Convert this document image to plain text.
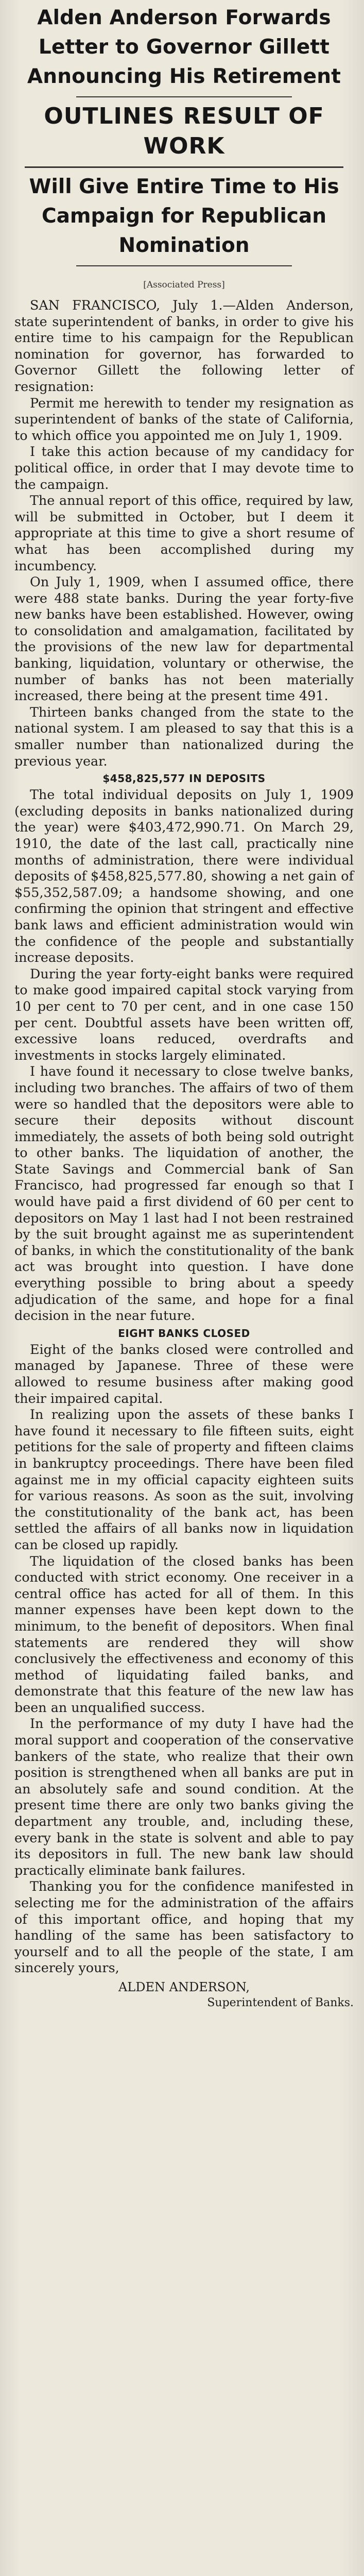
Alden Anderson Forwards Letter to Governor Gillett Announcing His Retirement
OUTLINES RESULT OF WORK
Will Give Entire Time to His Campaign for Republican Nomination
[Associated Press]

SAN FRANCISCO, July 1.—Alden Anderson, state superintendent of banks, in order to give his entire time to his campaign for the Republican nomination for governor, has forwarded to Governor Gillett the following letter of resignation:

Permit me herewith to tender my resignation as superintendent of banks of the state of California, to which office you appointed me on July 1, 1909.

I take this action because of my candidacy for political office, in order that I may devote time to the campaign.

The annual report of this office, required by law, will be submitted in October, but I deem it appropriate at this time to give a short resume of what has been accomplished during my incumbency.

On July 1, 1909, when I assumed office, there were 488 state banks. During the year forty-five new banks have been established. However, owing to consolidation and amalgamation, facilitated by the provisions of the new law for departmental banking, liquidation, voluntary or otherwise, the number of banks has not been materially increased, there being at the present time 491.

Thirteen banks changed from the state to the national system. I am pleased to say that this is a smaller number than nationalized during the previous year.

$458,825,577 IN DEPOSITS

The total individual deposits on July 1, 1909 (excluding deposits in banks nationalized during the year) were $403,472,990.71. On March 29, 1910, the date of the last call, practically nine months of administration, there were individual deposits of $458,825,577.80, showing a net gain of $55,352,587.09; a handsome showing, and one confirming the opinion that stringent and effective bank laws and efficient administration would win the confidence of the people and substantially increase deposits.

During the year forty-eight banks were required to make good impaired capital stock varying from 10 per cent to 70 per cent, and in one case 150 per cent. Doubtful assets have been written off, excessive loans reduced, overdrafts and investments in stocks largely eliminated.

I have found it necessary to close twelve banks, including two branches. The affairs of two of them were so handled that the depositors were able to secure their deposits without discount immediately, the assets of both being sold outright to other banks. The liquidation of another, the State Savings and Commercial bank of San Francisco, had progressed far enough so that I would have paid a first dividend of 60 per cent to depositors on May 1 last had I not been restrained by the suit brought against me as superintendent of banks, in which the constitutionality of the bank act was brought into question. I have done everything possible to bring about a speedy adjudication of the same, and hope for a final decision in the near future.

EIGHT BANKS CLOSED

Eight of the banks closed were controlled and managed by Japanese. Three of these were allowed to resume business after making good their impaired capital.

In realizing upon the assets of these banks I have found it necessary to file fifteen suits, eight petitions for the sale of property and fifteen claims in bankruptcy proceedings. There have been filed against me in my official capacity eighteen suits for various reasons. As soon as the suit, involving the constitutionality of the bank act, has been settled the affairs of all banks now in liquidation can be closed up rapidly.

The liquidation of the closed banks has been conducted with strict economy. One receiver in a central office has acted for all of them. In this manner expenses have been kept down to the minimum, to the benefit of depositors. When final statements are rendered they will show conclusively the effectiveness and economy of this method of liquidating failed banks, and demonstrate that this feature of the new law has been an unqualified success.

In the performance of my duty I have had the moral support and cooperation of the conservative bankers of the state, who realize that their own position is strengthened when all banks are put in an absolutely safe and sound condition. At the present time there are only two banks giving the department any trouble, and, including these, every bank in the state is solvent and able to pay its depositors in full. The new bank law should practically eliminate bank failures.

Thanking you for the confidence manifested in selecting me for the administration of the affairs of this important office, and hoping that my handling of the same has been satisfactory to yourself and to all the people of the state, I am sincerely yours,

ALDEN ANDERSON,
Superintendent of Banks.
